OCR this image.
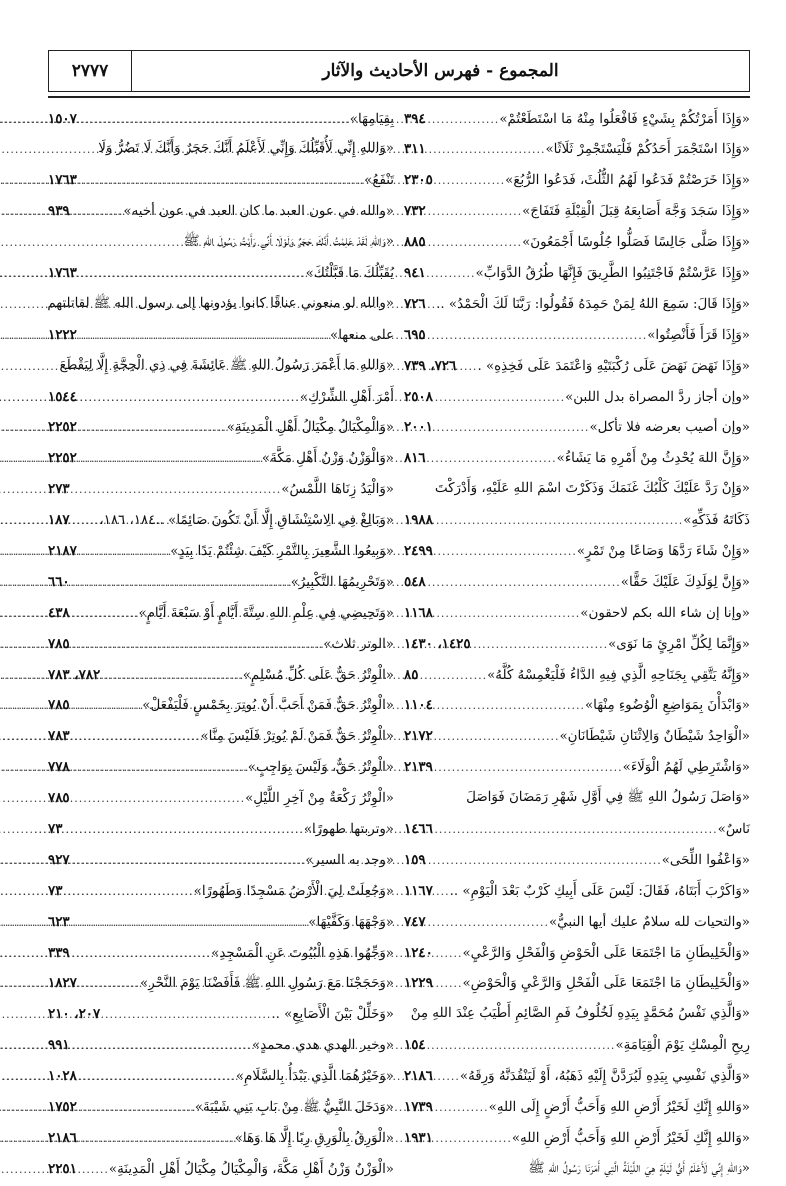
المجموع - فهرس الأحاديث والآثار
٢٧٧٧
«وَإِذَا أَمَرْتُكُمْ بِشَيْءٍ فَافْعَلُوا مِنْهُ مَا اسْتَطَعْتُمْ»
.....
٣٩٤
«وَإِذَا اسْتَجْمَرَ أَحَدُكُمْ فَلْيَسْتَجْمِرْ ثَلَاثًا»
.....
٣١١
«وَإِذَا خَرَصْتُمْ فَدَعُوا لَهُمُ الثُّلُثَ، فَدَعُوا الرُّبُعَ»
.....
٢٣٠٥
«وَإِذَا سَجَدَ وَجَّهَ أَصَابِعَهُ قِبَلَ الْقِبْلَةِ فَتَفَاجَ»
.....
٧٣٢
«وَإِذَا صَلَّى جَالِسًا فَصَلُّوا جُلُوسًا أَجْمَعُونَ»
.....
٨٨٥
«وَإِذَا عَرَّسْتُمْ فَاجْتَنِبُوا الطَّرِيقَ فَإِنَّهَا طُرُقُ الدَّوَابِّ»
.....
٩٤١
«وَإِذَا قَالَ: سَمِعَ اللهُ لِمَنْ حَمِدَهُ فَقُولُوا: رَبَّنَا لَكَ الْحَمْدُ» ..
.....
٧٢٦
«وَإِذَا قَرَأَ فَأَنْصِتُوا»
.....
٦٩٥
«وَإِذَا نَهَضَ نَهَضَ عَلَى رُكْبَتَيْهِ وَاعْتَمَدَ عَلَى فَخِذِهِ» .
.....
٧٢٦، ٧٣٩
«وإن أجاز ردَّ المصراة بدل اللبن»
.....
٢٥٠٨
«وإن أصيب بعرضه فلا تأكل»
.....
٢٠٠١
«وَإِنَّ اللهَ يُحْدِثُ مِنْ أَمْرِهِ مَا يَشَاءُ»
.....
٨١٦
«وَإِنْ رَدَّ عَلَيْكَ كَلْبُكَ غَنَمَكَ وَذَكَرْتَ اسْمَ اللهِ عَلَيْهِ، وَأَدْرَكْتَ
ذَكَاتَهُ فَذَكِّهِ»
.....
١٩٨٨
«وَإِنْ شَاءَ رَدَّهَا وَصَاعًا مِنْ تَمْرٍ»
.....
٢٤٩٩
«وَإِنَّ لِوَلَدِكَ عَلَيْكَ حَقًّا»
.....
٥٤٨
«وإنا إن شاء الله بكم لاحقون»
.....
١١٦٨
«وَإِنَّمَا لِكُلِّ امْرِئٍ مَا نَوَى»
.....
١٤٢٥، ١٤٣٠
«وَإِنَّهُ يَتَّقِي بِجَنَاحِهِ الَّذِي فِيهِ الدَّاءُ فَلْيَغْمِسْهُ كُلَّهُ»
.....
٨٥
«وَابْدَأْنَ بِمَوَاضِعِ الْوُضُوءِ مِنْهَا»
.....
١١٠٤
«الْوَاحِدُ شَيْطَانٌ وَالِاثْنَانِ شَيْطَانَانِ»
.....
٢١٧٢
«وَاشْتَرِطِي لَهُمُ الْوَلَاءَ»
.....
٢١٣٩
«وَاصَلَ رَسُولُ اللهِ ﷺ فِي أَوَّلِ شَهْرِ رَمَضَانَ فَوَاصَلَ
نَاسٌ»
.....
١٤٦٦
«وَاعْفُوا اللِّحَى»
.....
١٥٩
«وَاكَرْبَ أَبَتَاهُ، فَقَالَ: لَيْسَ عَلَى أَبِيكِ كَرْبٌ بَعْدَ الْيَوْمِ» ..
.....
١١٦٧
«والتحيات لله سلامٌ عليك أيها النبيُّ»
.....
٧٤٧
«وَالْخَلِيطَانِ مَا اجْتَمَعَا عَلَى الْحَوْضِ وَالْفَحْلِ وَالرَّعْيِ»
.....
١٢٤٠
«وَالْخَلِيطَانِ مَا اجْتَمَعَا عَلَى الْفَحْلِ وَالرَّعْيِ وَالْحَوْضِ»
.....
١٢٢٩
«وَالَّذِي نَفْسُ مُحَمَّدٍ بِيَدِهِ لَخُلُوفُ فَمِ الصَّائِمِ أَطْيَبُ عِنْدَ اللهِ مِنْ
رِيحِ الْمِسْكِ يَوْمَ الْقِيَامَةِ»
.....
١٥٤
«وَالَّذِي نَفْسِي بِيَدِهِ لَيُرَدَّنَّ إِلَيْهِ ذَهَبُهُ، أَوْ لَيَنْقُدَنَّهُ وَرِقَهُ»
.....
٢١٨٦
«وَاللهِ إِنَّكِ لَخَيْرُ أَرْضِ اللهِ وَأَحَبُّ أَرْضٍ إِلَى اللهِ»
.....
١٧٣٩
«وَاللهِ إِنَّكِ لَخَيْرُ أَرْضِ اللهِ وَأَحَبُّ أَرْضِ اللهِ»
.....
١٩٣١
«وَاللهِ إِنِّي لَأَعْلَمُ أَيُّ لَيْلَةٍ هِيَ اللَّيْلَةُ الَّتِي أَمَرَنَا رَسُولُ اللهِ ﷺ
بِقِيَامِهَا»
.....
١٥٠٧
«وَاللهِ إِنِّي لَأُقَبِّلُكَ وَإِنِّي لَأَعْلَمُ أَنَّكَ حَجَرٌ وَأَنَّكَ لَا تَضُرُّ وَلَا
تَنْفَعُ»
.....
١٧٦٣
«والله في عون العبد ما كان العبد في عون أخيه»
.....
٩٣٩
«وَاللهِ لَقَدْ عَلِمْتُ أَنَّكَ حَجَرٌ وَلَوْلَا أَنِّي رَأَيْتُ رَسُولَ اللهِ ﷺ
يُقَبِّلُكَ مَا قَبَّلْتُكَ»
.....
١٧٦٣
«والله لو منعوني عناقًا كانوا يؤدونها إلى رسول الله ﷺ لقاتلتهم
على منعها»
.....
١٢٢٢
«وَاللهِ مَا أَعْمَرَ رَسُولُ اللهِ ﷺ عَائِشَةَ فِي ذِي الْحِجَّةِ إِلَّا لِيَقْطَعَ
أَمْرَ أَهْلِ الشِّرْكِ»
.....
١٥٤٤
«وَالْمِكْيَالُ مِكْيَالُ أَهْلِ الْمَدِينَةِ»
.....
٢٢٥٢
«وَالْوَزْنُ وَزْنُ أَهْلِ مَكَّةَ»
.....
٢٢٥٢
«وَالْيَدُ زِنَاهَا اللَّمْسُ»
.....
٢٧٣
«وَبَالِغْ فِي الِاسْتِنْشَاقِ إِلَّا أَنْ تَكُونَ صَائِمًا» ..١٨٤، ١٨٦،
.....
١٨٧
«وَبِيعُوا الشَّعِيرَ بِالتَّمْرِ كَيْفَ شِئْتُمْ يَدًا بِيَدٍ»
.....
٢١٨٧
«وَتَحْرِيمُهَا التَّكْبِيرُ»
.....
٦٦٠
«وَتَحِيضِي فِي عِلْمِ اللهِ سِتَّةَ أَيَّامٍ أَوْ سَبْعَةَ أَيَّامٍ»
.....
٤٣٨
«الوتر ثلاث»
.....
٧٨٥
«الْوِتْرُ حَقٌّ عَلَى كُلِّ مُسْلِمٍ»
.....
٧٨٢، ٧٨٣
«الْوِتْرُ حَقٌّ فَمَنْ أَحَبَّ أَنْ يُوتِرَ بِخَمْسٍ فَلْيَفْعَلْ»
.....
٧٨٥
«الْوِتْرُ حَقٌّ فَمَنْ لَمْ يُوتِرْ فَلَيْسَ مِنَّا»
.....
٧٨٣
«الْوِتْرُ حَقٌّ، وَلَيْسَ بِوَاجِبٍ»
.....
٧٧٨
«الْوِتْرُ رَكْعَةٌ مِنْ آخِرِ اللَّيْلِ»
.....
٧٨٥
«وتربتها طهورًا»
.....
٧٣
«وجد به السير»
.....
٩٢٧
«وَجُعِلَتْ لِيَ الْأَرْضُ مَسْجِدًا وَطَهُورًا»
.....
٧٣
«وَجْهَهَا وَكَفَّيْهَا»
.....
٦٢٣
«وَجِّهُوا هَذِهِ الْبُيُوتَ عَنِ الْمَسْجِدِ»
.....
٣٣٩
«وَحَجَجْنَا مَعَ رَسُولِ اللهِ ﷺ فَأَفَضْنَا يَوْمَ النَّحْرِ»
.....
١٨٢٧
«وَخَلِّلْ بَيْنَ الْأَصَابِعِ» ..
.....
٢٠٧، ٢١٠
«وخير الهدي هدي محمدٍ»
.....
٩٩١
«وَخَيْرُهُمَا الَّذِي يَبْدَأُ بِالسَّلَامِ»
.....
١٠٢٨
«وَدَخَلَ النَّبِيُّ ﷺ مِنْ بَابِ بَنِي شَيْبَةَ»
.....
١٧٥٢
«الْوَرِقُ بِالْوَرِقِ رِبًا إِلَّا هَا وَهَا»
.....
٢١٨٦
«الْوَزْنُ وَزْنُ أَهْلِ مَكَّةَ، وَالْمِكْيَالُ مِكْيَالُ أَهْلِ الْمَدِينَةِ»
.....
٢٢٥١
